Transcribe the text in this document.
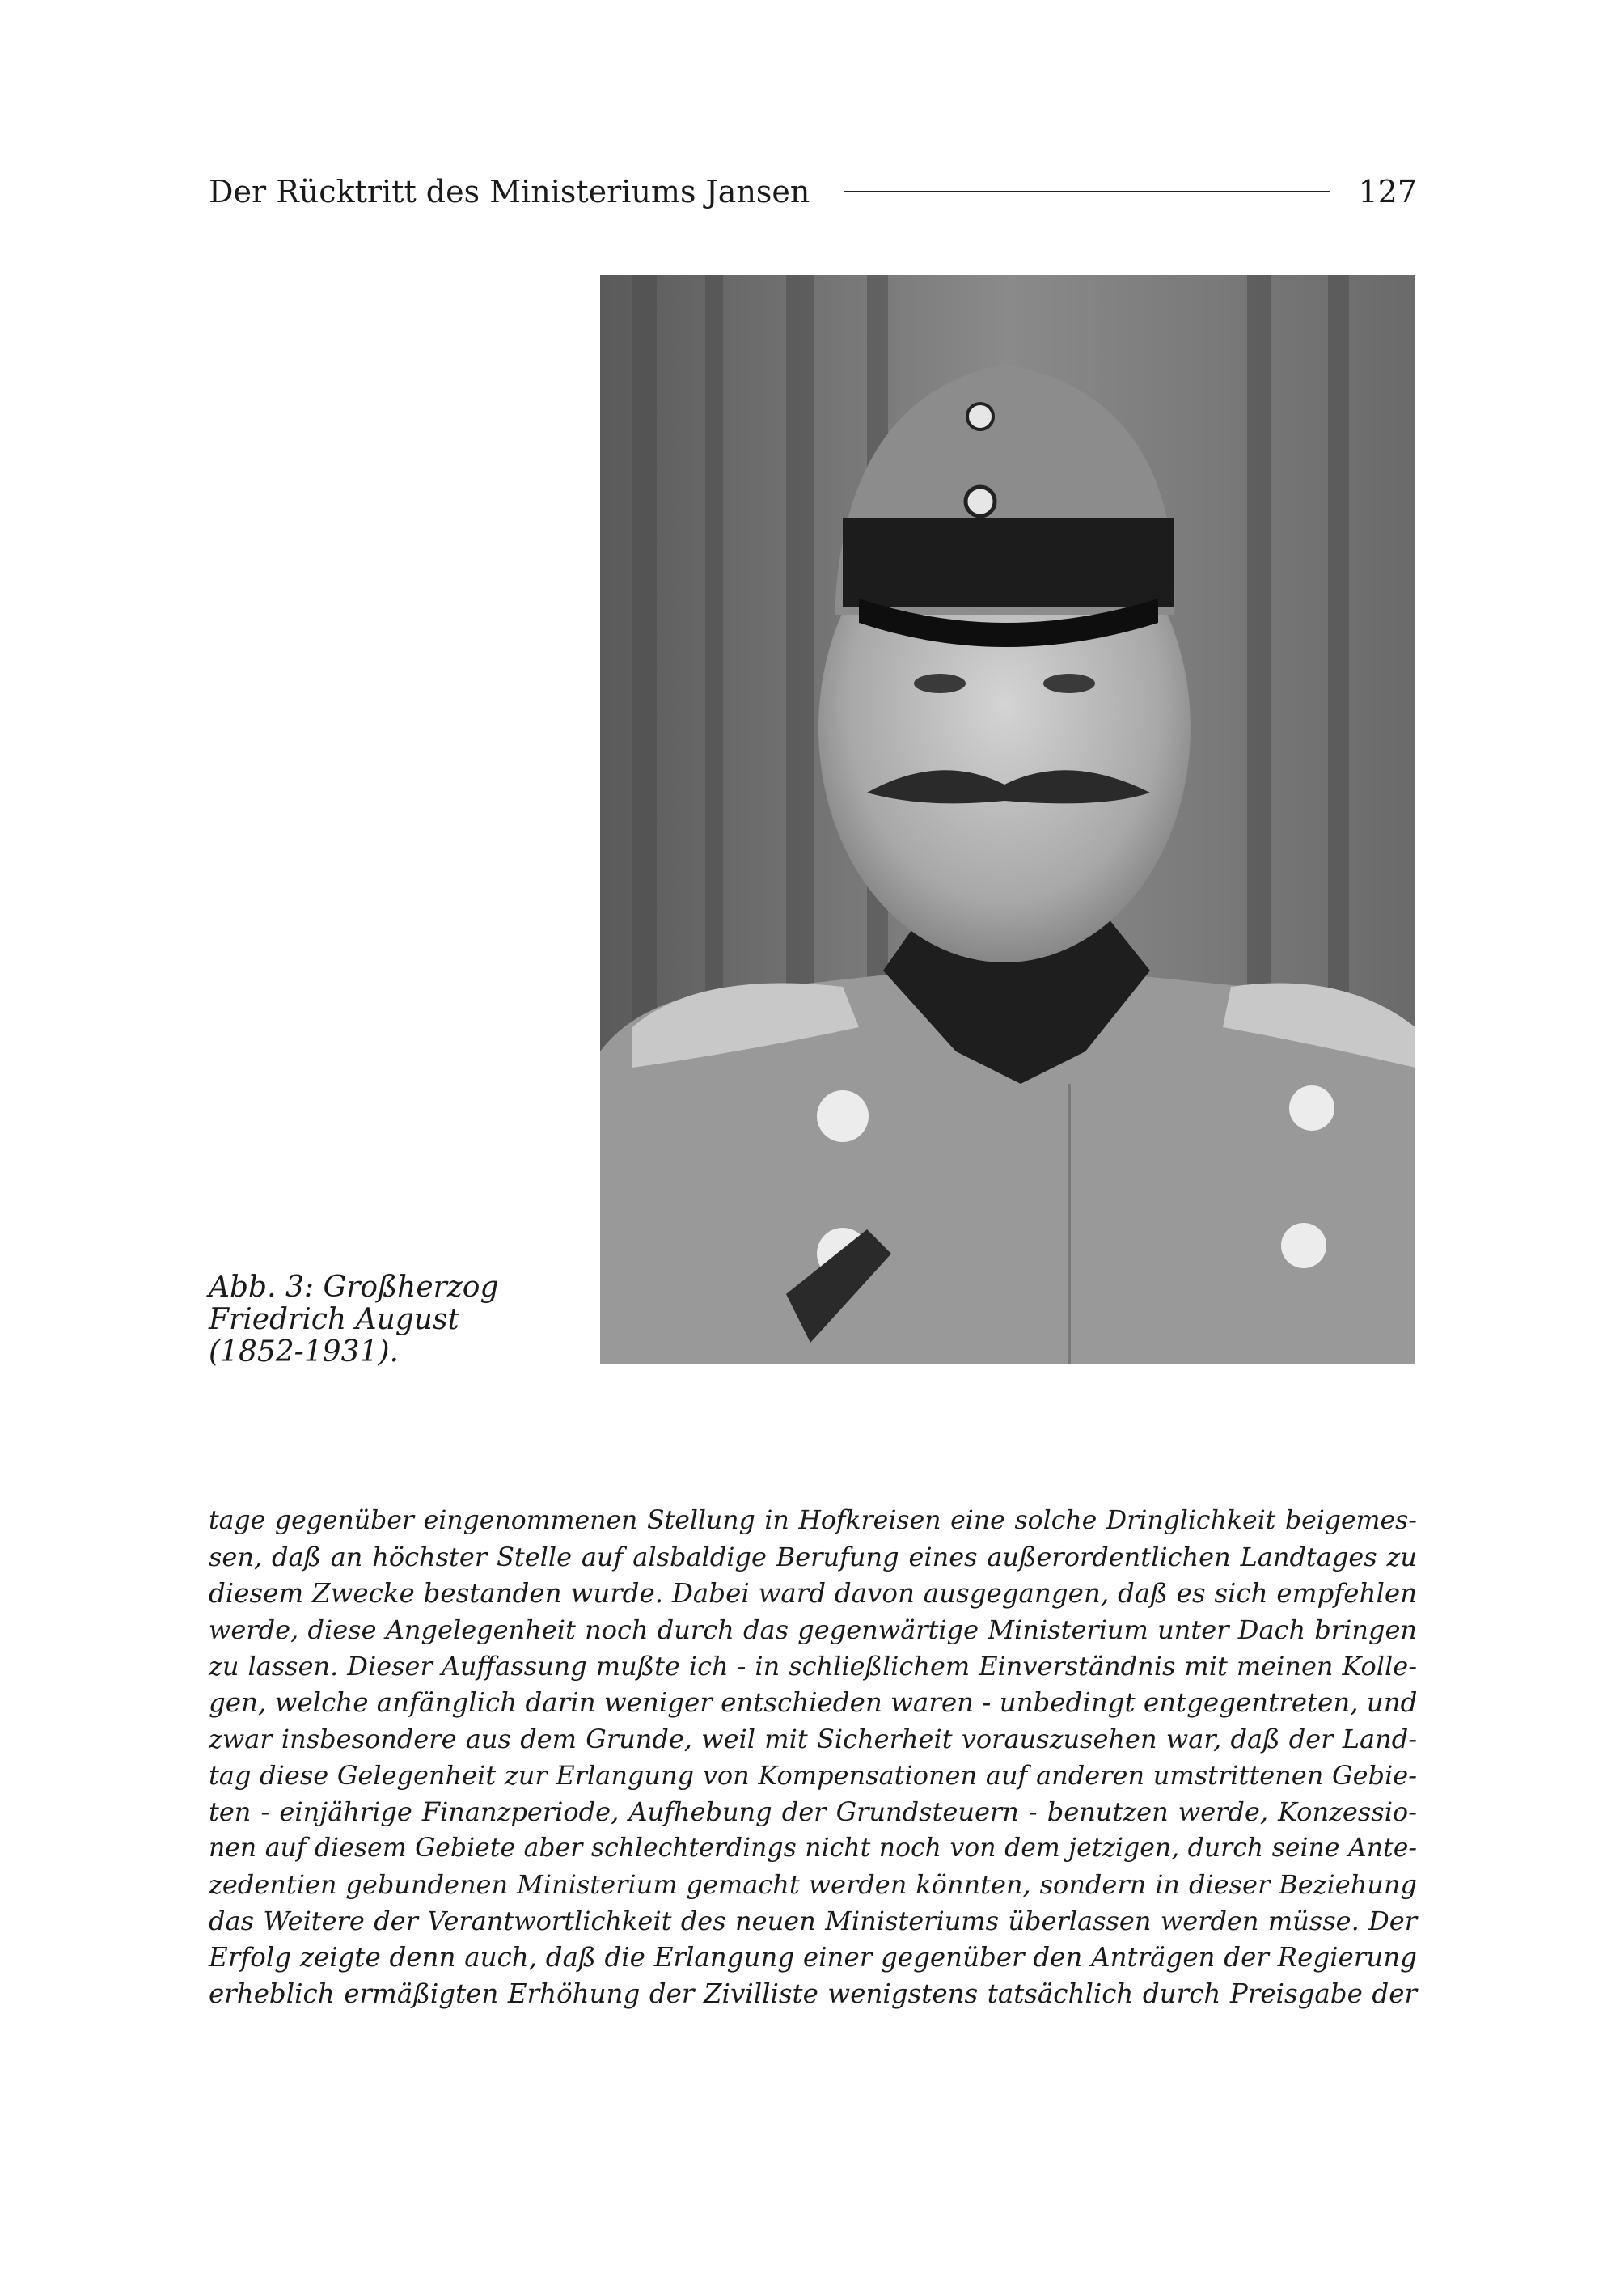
Der Rücktritt des Ministeriums Jansen	127
Abb. 3: Großherzog
Friedrich August
(1852-1931).
tage gegenüber eingenommenen Stellung in Hofkreisen eine solche Dringlichkeit beigemes-
sen, daß an höchster Stelle auf alsbaldige Berufung eines außerordentlichen Landtages zu
diesem Zwecke bestanden wurde. Dabei ward davon ausgegangen, daß es sich empfehlen
werde, diese Angelegenheit noch durch das gegenwärtige Ministerium unter Dach bringen
zu lassen. Dieser Auffassung mußte ich - in schließlichem Einverständnis mit meinen Kolle-
gen, welche anfänglich darin weniger entschieden waren - unbedingt entgegentreten, und
zwar insbesondere aus dem Grunde, weil mit Sicherheit vorauszusehen war, daß der Land-
tag diese Gelegenheit zur Erlangung von Kompensationen auf anderen umstrittenen Gebie-
ten - einjährige Finanzperiode, Aufhebung der Grundsteuern - benutzen werde, Konzessio-
nen auf diesem Gebiete aber schlechterdings nicht noch von dem jetzigen, durch seine Ante-
zedentien gebundenen Ministerium gemacht werden könnten, sondern in dieser Beziehung
das Weitere der Verantwortlichkeit des neuen Ministeriums überlassen werden müsse. Der
Erfolg zeigte denn auch, daß die Erlangung einer gegenüber den Anträgen der Regierung
erheblich ermäßigten Erhöhung der Zivilliste wenigstens tatsächlich durch Preisgabe der
